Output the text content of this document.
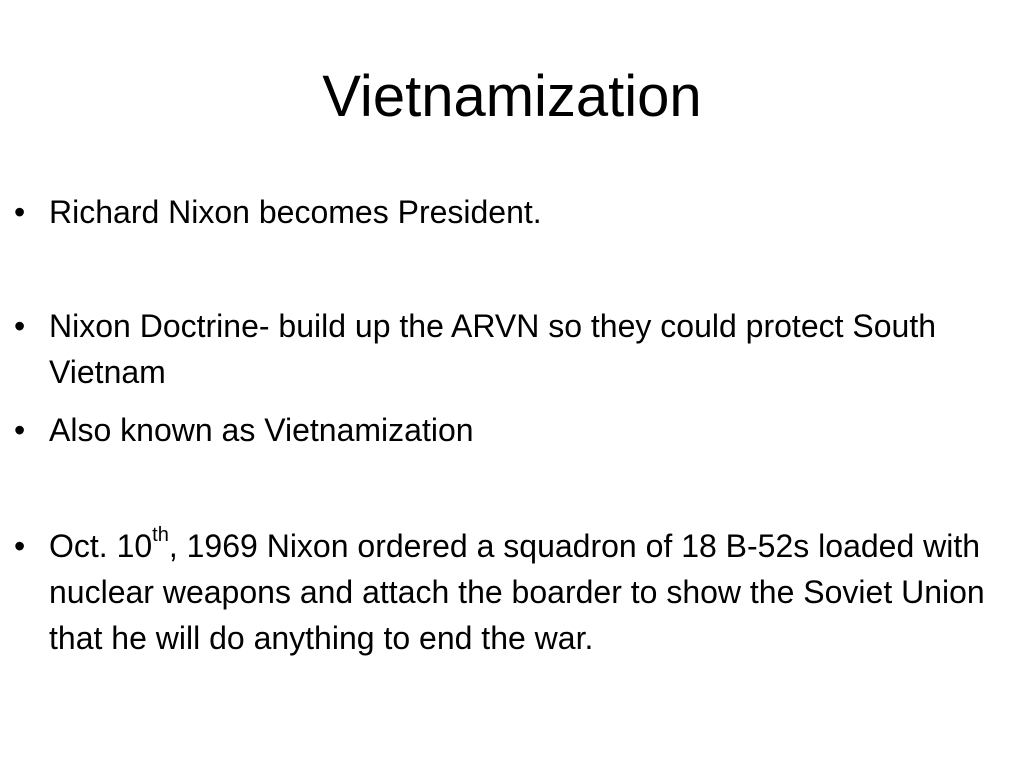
Vietnamization
• Richard Nixon becomes President.
• Nixon Doctrine- build up the ARVN so they could protect South Vietnam
• Also known as Vietnamization
• Oct. 10th, 1969 Nixon ordered a squadron of 18 B-52s loaded with nuclear weapons and attach the boarder to show the Soviet Union that he will do anything to end the war.
